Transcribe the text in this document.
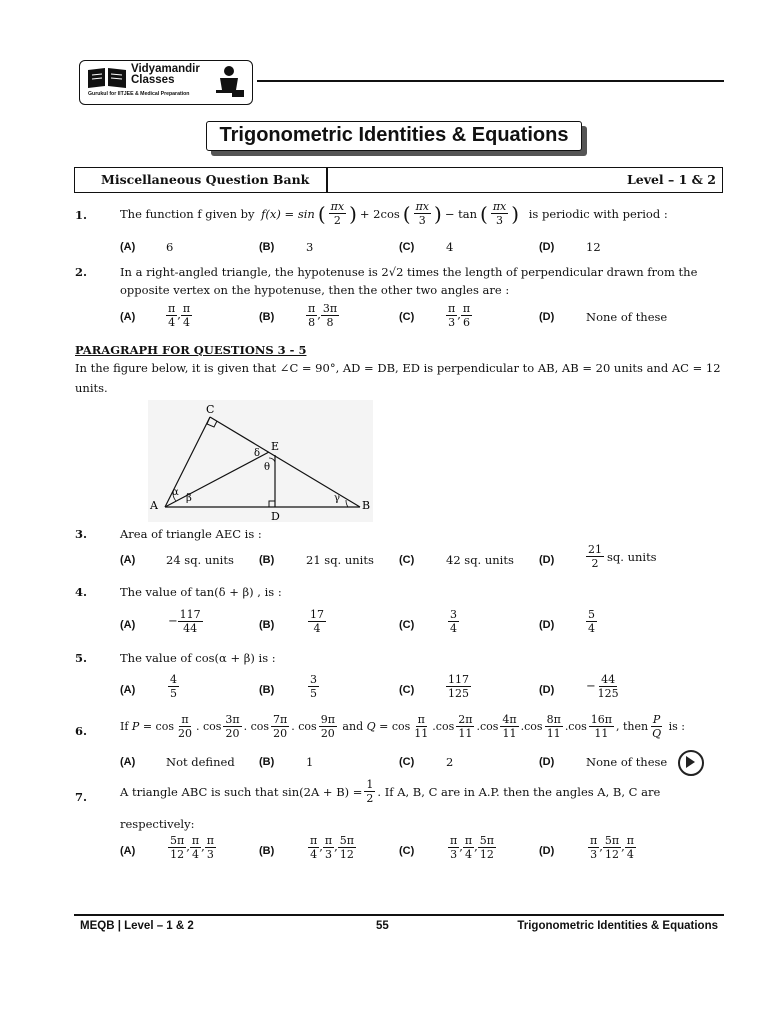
Vidyamandir
Classes
Gurukul for IITJEE & Medical Preparation
Trigonometric Identities & Equations
Miscellaneous Question Bank	Level – 1 & 2
1.	The function f given by f(x) = sin ( $\frac{\pi x}{2}$ ) + 2cos ( $\frac{\pi x}{3}$ ) − tan ( $\frac{\pi x}{3}$ )
is periodic with period :
(A)	6	(B)	3	(C)	4	(D)	12
2.	In a right-angled triangle, the hypotenuse is 2√2 times the length of perpendicular drawn from the
opposite vertex on the hypotenuse, then the other two angles are :
(A)	$\frac{\pi}{4}$ , $\frac{\pi}{4}$	(B)	$\frac{\pi}{8}$ , $\frac{3\pi}{8}$	(C)	$\frac{\pi}{3}$ , $\frac{\pi}{6}$	(D)	None of these
PARAGRAPH FOR QUESTIONS 3 - 5
In the figure below, it is given that ∠C = 90°, AD = DB, ED is perpendicular to AB, AB = 20 units and AC = 12
units.
C
E
δ
θ
α
β	γ
A	B
D
3.	Area of triangle AEC is :
(A)	24 sq. units (B)	21 sq. units (C)	42 sq. units (D)	$\frac{21}{2}$ sq. units
4.	The value of tan(δ + β) , is :
(A)	− $\frac{117}{44}$	(B)	$\frac{17}{4}$	(C)	$\frac{3}{4}$	(D)	$\frac{5}{4}$
5.	The value of cos(α + β) is :
(A)	$\frac{4}{5}$	(B)	$\frac{3}{5}$	(C)	$\frac{117}{125}$	(D)	− $\frac{44}{125}$
6.	If $P = \cos \frac{\pi}{20}$ . $\cos \frac{3\pi}{20}$ . $\cos \frac{7\pi}{20}$ . $\cos \frac{9\pi}{20}$ and $Q = \cos \frac{\pi}{11} .\cos \frac{2\pi}{11} .\cos \frac{4\pi}{11} .\cos \frac{8\pi}{11} .\cos \frac{16\pi}{11}$ , then $\frac{P}{Q}$ is :
(A)	Not defined (B)	1	(C)	2	(D)	None of these
7.	A triangle ABC is such that $\sin(2A + B) = \frac{1}{2}$ . If A, B, C are in A.P. then the angles A, B, C are
respectively:
(A)	$\frac{5\pi}{12}$ , $\frac{\pi}{4}$ , $\frac{\pi}{3}$	(B)	$\frac{\pi}{4}$ , $\frac{\pi}{3}$ , $\frac{5\pi}{12}$	(C)	$\frac{\pi}{3}$ , $\frac{\pi}{4}$ , $\frac{5\pi}{12}$	(D)	$\frac{\pi}{3}$ , $\frac{5\pi}{12}$ , $\frac{\pi}{4}$
MEQB | Level – 1 & 2	55	Trigonometric Identities & Equations
